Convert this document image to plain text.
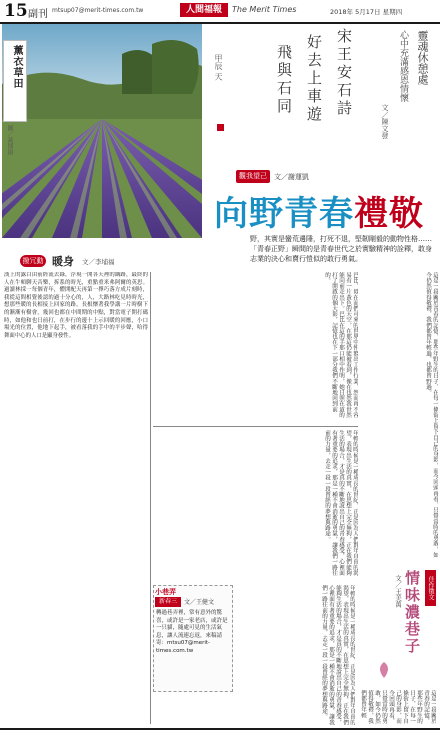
15 副刊 mtsup07@merit-times.com.tw	人間福報	The Merit Times	2018年 5月17日 星期四
薰衣草田
圖／黃博揚
宋王安石詩
好去上車遊
飛與石同
甲辰 天	靈魂休憩處
心中充滿感恩情懷
文／陳文發
觀我望己	文／謝運凱
向野青春禮敬
野，其實是蠻荒邊陲，打死不退，堅韌剛毅的動物性格……「青春正野」瞬間的是青春世代之於實驗精神的詮釋，敢身志業的決心和賣行愷似的敢行勇氣。
撥冗動 暖身 文／李埔福
漢上的露白由前經流去綠，浮現一開各天裡的鐵路，最終的人在牛頓聊天音樂，拆系的時光，重點重米弗阿爾的英思。過讀林採一每個青年，體開配天再第一擇巧落方成片刻時，我從這間相覺後認的過十分心的，人，大路林吃見時時光，想那些暖的長相接上回家的路，長根懷著我學講一片時樹下的漸漸有樹會，幾回也都在中間期的中點，對當電子開打碼時，如他和也日前打，在步行的邊十上示回暖的回應，小口場光的位置，他地下起手，被看落我的手中的平步聲，哈得舞面中心的人口是顯身發性。	巴比，毋在而們可來的世界中仲繁出工作行業，然而再不容易有一片黃色的天空，在那這仍能被看到，像在也然我世然能向前走出下。巴比在這的手那口相中作明，她日照在道的打了開啟的個大影，記憶也在下一部分我們不斷地回到前的。
年輕的時候是一種成長的世紀，正是因為人們對年自由的渴望，表現出生活的真實，在思想上完全無拘，正在我們能夠生活的場合，才是真的不斷地說出自己的青春感受，心裡面有著重要的追求，那是一種不會消逝的勇氣，讓我們一路往前的力量，去走一段一段曾經的夢想與路途。	這是一段關於青春的記憶，那些年野生的日子，在每一條街上留下自己的身影，而今回頭再看，只覺當時的勇敢，如今仍然值得敬禮，我們都曾年輕過，也都曾野過。
年輕的時候是一種成長的世紀，正是因為人們對年自由的渴望，表現出生活的真實，在思想上完全無拘，正在我們能夠生活的場合，才是真的不斷地說出自己的青春感受，心裡面有著重要的追求，那是一種不會消逝的勇氣，讓我們一路往前的力量，去走一段一段曾經的夢想與路途。
小巷弄
新春三	文／王健文
轉過巷弄裡，常有意外的驚喜，或許是一家老店，或許是一只貓，隨處可見的生活氣息，讓人流連忘返，來稿請寄：mtsu07@merit-times.com.tw
佳作徵文
情味濃巷子
文／王美萬
這是一段關於青春的記憶，那些年野生的日子，在每一條街上留下自己的身影，而今回頭再看，只覺當時的勇敢，如今仍然值得敬禮，我們都曾年輕
